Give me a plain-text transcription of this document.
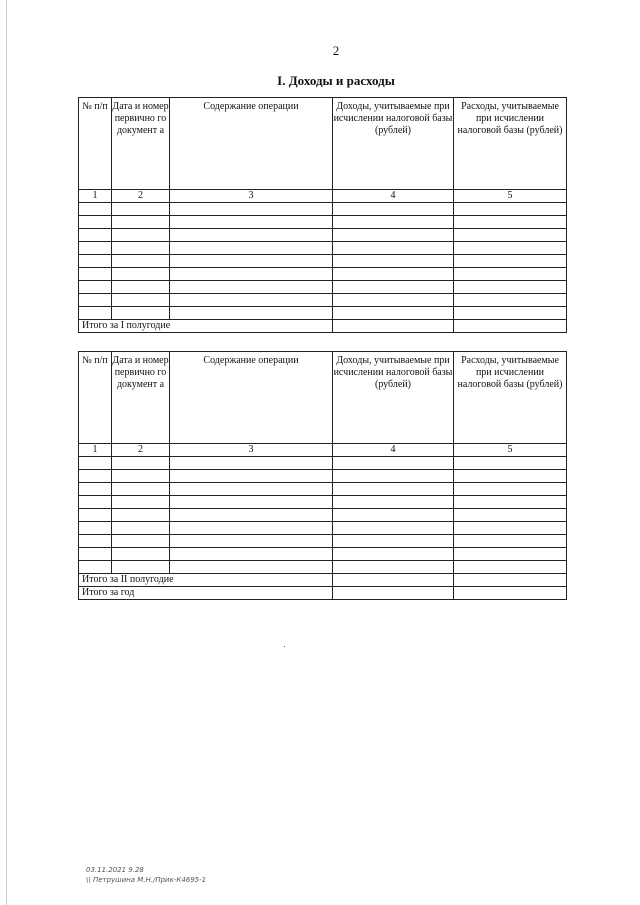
2
I. Доходы и расходы
№ п/п	Дата и номер первично го документ а	Содержание операции	Доходы, учитываемые при исчислении налоговой базы (рублей)	Расходы, учитываемые при исчислении налоговой базы (рублей)
1	2	3	4	5

Итого за I полугодие				
№ п/п	Дата и номер первично го документ а	Содержание операции	Доходы, учитываемые при исчислении налоговой базы (рублей)	Расходы, учитываемые при исчислении налоговой базы (рублей)
1	2	3	4	5

Итого за II полугодие				
Итого за год				
03.11.2021 9.28
\\ Петрушина М.Н./Прик-К4695-1
